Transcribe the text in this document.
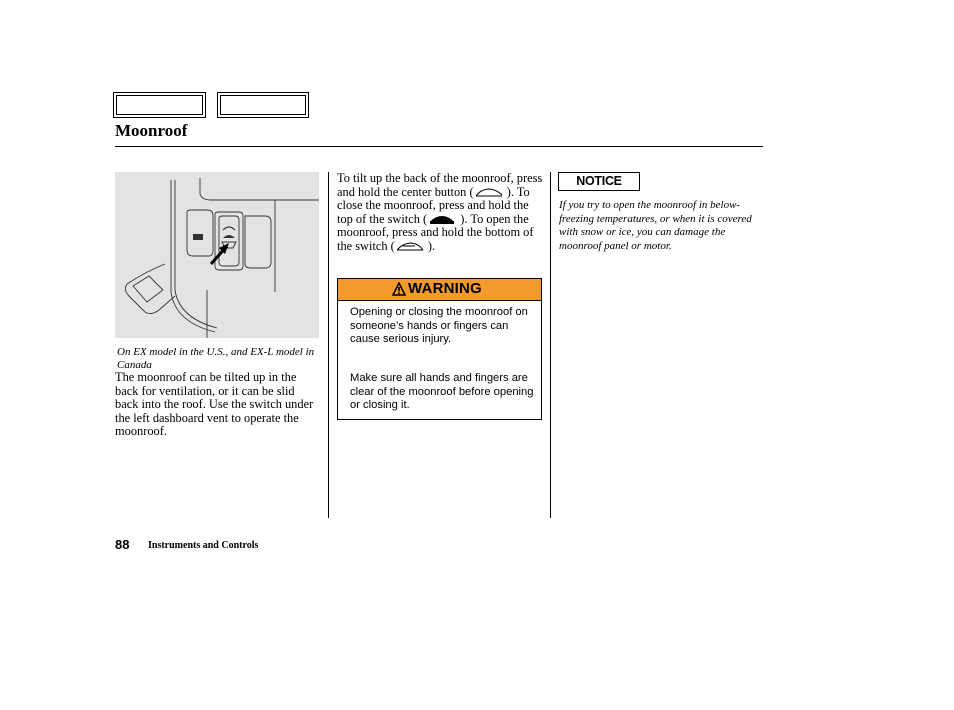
Moonroof
On EX model in the U.S., and EX-L model in Canada
The moonroof can be tilted up in the back for ventilation, or it can be slid back into the roof. Use the switch under the left dashboard vent to operate the moonroof.
To tilt up the back of the moonroof, press and hold the center button (	). To close the moonroof, press and hold the top of the switch (	). To open the moonroof, press and hold the bottom of the switch (	).
WARNING
Opening or closing the moonroof on someone’s hands or fingers can cause serious injury.
Make sure all hands and fingers are clear of the moonroof before opening or closing it.
NOTICE
If you try to open the moonroof in below-freezing temperatures, or when it is covered with snow or ice, you can damage the moonroof panel or motor.
88 Instruments and Controls
